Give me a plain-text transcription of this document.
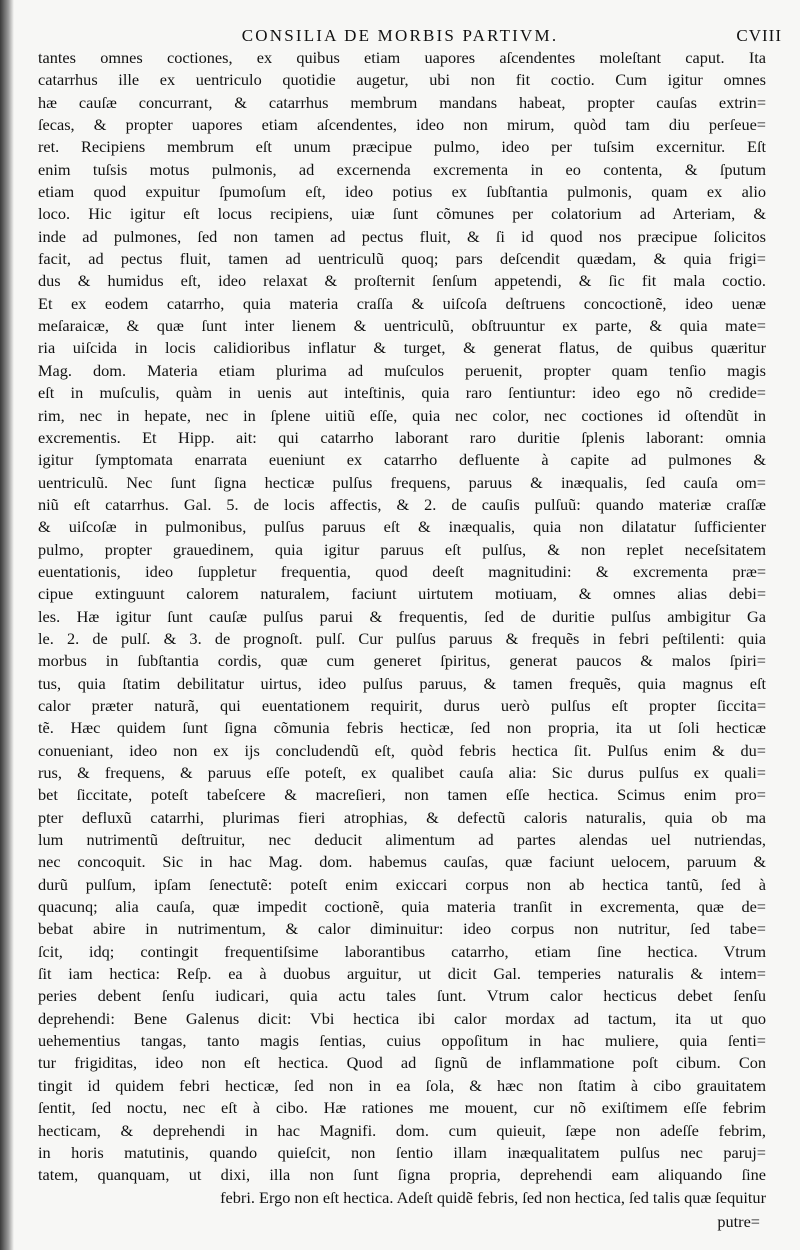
CONSILIA DE MORBIS PARTIVM.	CVIII
tantes omnes coctiones, ex quibus etiam uapores aſcendentes moleſtant caput. Ita
catarrhus ille ex uentriculo quotidie augetur, ubi non fit coctio. Cum igitur omnes
hæ cauſæ concurrant, & catarrhus membrum mandans habeat, propter cauſas extrin=
ſecas, & propter uapores etiam aſcendentes, ideo non mirum, quòd tam diu perſeue=
ret. Recipiens membrum eſt unum præcipue pulmo, ideo per tuſsim excernitur. Eſt
enim tuſsis motus pulmonis, ad excernenda excrementa in eo contenta, & ſputum
etiam quod expuitur ſpumoſum eſt, ideo potius ex ſubſtantia pulmonis, quam ex alio
loco. Hic igitur eſt locus recipiens, uiæ ſunt cõmunes per colatorium ad Arteriam, &
inde ad pulmones, ſed non tamen ad pectus fluit, & ſi id quod nos præcipue ſolicitos
facit, ad pectus fluit, tamen ad uentriculũ quoq; pars deſcendit quædam, & quia frigi=
dus & humidus eſt, ideo relaxat & proſternit ſenſum appetendi, & ſic fit mala coctio.
Et ex eodem catarrho, quia materia craſſa & uiſcoſa deſtruens concoctionẽ, ideo uenæ
meſaraicæ, & quæ ſunt inter lienem & uentriculũ, obſtruuntur ex parte, & quia mate=
ria uiſcida in locis calidioribus inflatur & turget, & generat flatus, de quibus quæritur
Mag. dom. Materia etiam plurima ad muſculos peruenit, propter quam tenſio magis
eſt in muſculis, quàm in uenis aut inteſtinis, quia raro ſentiuntur: ideo ego nõ credide=
rim, nec in hepate, nec in ſplene uitiũ eſſe, quia nec color, nec coctiones id oſtendũt in
excrementis. Et Hipp. ait: qui catarrho laborant raro duritie ſplenis laborant: omnia
igitur ſymptomata enarrata eueniunt ex catarrho defluente à capite ad pulmones &
uentriculũ. Nec ſunt ſigna hecticæ pulſus frequens, paruus & inæqualis, ſed cauſa om=
niũ eſt catarrhus. Gal. 5. de locis affectis, & 2. de cauſis pulſuũ: quando materiæ craſſæ
& uiſcoſæ in pulmonibus, pulſus paruus eſt & inæqualis, quia non dilatatur ſufficienter
pulmo, propter grauedinem, quia igitur paruus eſt pulſus, & non replet neceſsitatem
euentationis, ideo ſuppletur frequentia, quod deeſt magnitudini: & excrementa præ=
cipue extinguunt calorem naturalem, faciunt uirtutem motiuam, & omnes alias debi=
les. Hæ igitur ſunt cauſæ pulſus parui & frequentis, ſed de duritie pulſus ambigitur Ga
le. 2. de pulſ. & 3. de prognoſt. pulſ. Cur pulſus paruus & frequẽs in febri peſtilenti: quia
morbus in ſubſtantia cordis, quæ cum generet ſpiritus, generat paucos & malos ſpiri=
tus, quia ſtatim debilitatur uirtus, ideo pulſus paruus, & tamen frequẽs, quia magnus eſt
calor præter naturã, qui euentationem requirit, durus uerò pulſus eſt propter ſiccita=
tẽ. Hæc quidem ſunt ſigna cõmunia febris hecticæ, ſed non propria, ita ut ſoli hecticæ
conueniant, ideo non ex ijs concludendũ eſt, quòd febris hectica ſit. Pulſus enim & du=
rus, & frequens, & paruus eſſe poteſt, ex qualibet cauſa alia: Sic durus pulſus ex quali=
bet ſiccitate, poteſt tabeſcere & macreſieri, non tamen eſſe hectica. Scimus enim pro=
pter defluxũ catarrhi, plurimas fieri atrophias, & defectũ caloris naturalis, quia ob ma
lum nutrimentũ deſtruitur, nec deducit alimentum ad partes alendas uel nutriendas,
nec concoquit. Sic in hac Mag. dom. habemus cauſas, quæ faciunt uelocem, paruum &
durũ pulſum, ipſam ſenectutẽ: poteſt enim exiccari corpus non ab hectica tantũ, ſed à
quacunq; alia cauſa, quæ impedit coctionẽ, quia materia tranſit in excrementa, quæ de=
bebat abire in nutrimentum, & calor diminuitur: ideo corpus non nutritur, ſed tabe=
ſcit, idq; contingit frequentiſsime laborantibus catarrho, etiam ſine hectica. Vtrum
ſit iam hectica: Reſp. ea à duobus arguitur, ut dicit Gal. temperies naturalis & intem=
peries debent ſenſu iudicari, quia actu tales ſunt. Vtrum calor hecticus debet ſenſu
deprehendi: Bene Galenus dicit: Vbi hectica ibi calor mordax ad tactum, ita ut quo
uehementius tangas, tanto magis ſentias, cuius oppoſitum in hac muliere, quia ſenti=
tur frigiditas, ideo non eſt hectica. Quod ad ſignũ de inflammatione poſt cibum. Con
tingit id quidem febri hecticæ, ſed non in ea ſola, & hæc non ſtatim à cibo grauitatem
ſentit, ſed noctu, nec eſt à cibo. Hæ rationes me mouent, cur nõ exiſtimem eſſe febrim
hecticam, & deprehendi in hac Magnifi. dom. cum quieuit, ſæpe non adeſſe febrim,
in horis matutinis, quando quieſcit, non ſentio illam inæqualitatem pulſus nec paruj=
tatem, quanquam, ut dixi, illa non ſunt ſigna propria, deprehendi eam aliquando ſine
febri. Ergo non eſt hectica. Adeſt quidẽ febris, ſed non hectica, ſed talis quæ ſequitur
putre=
